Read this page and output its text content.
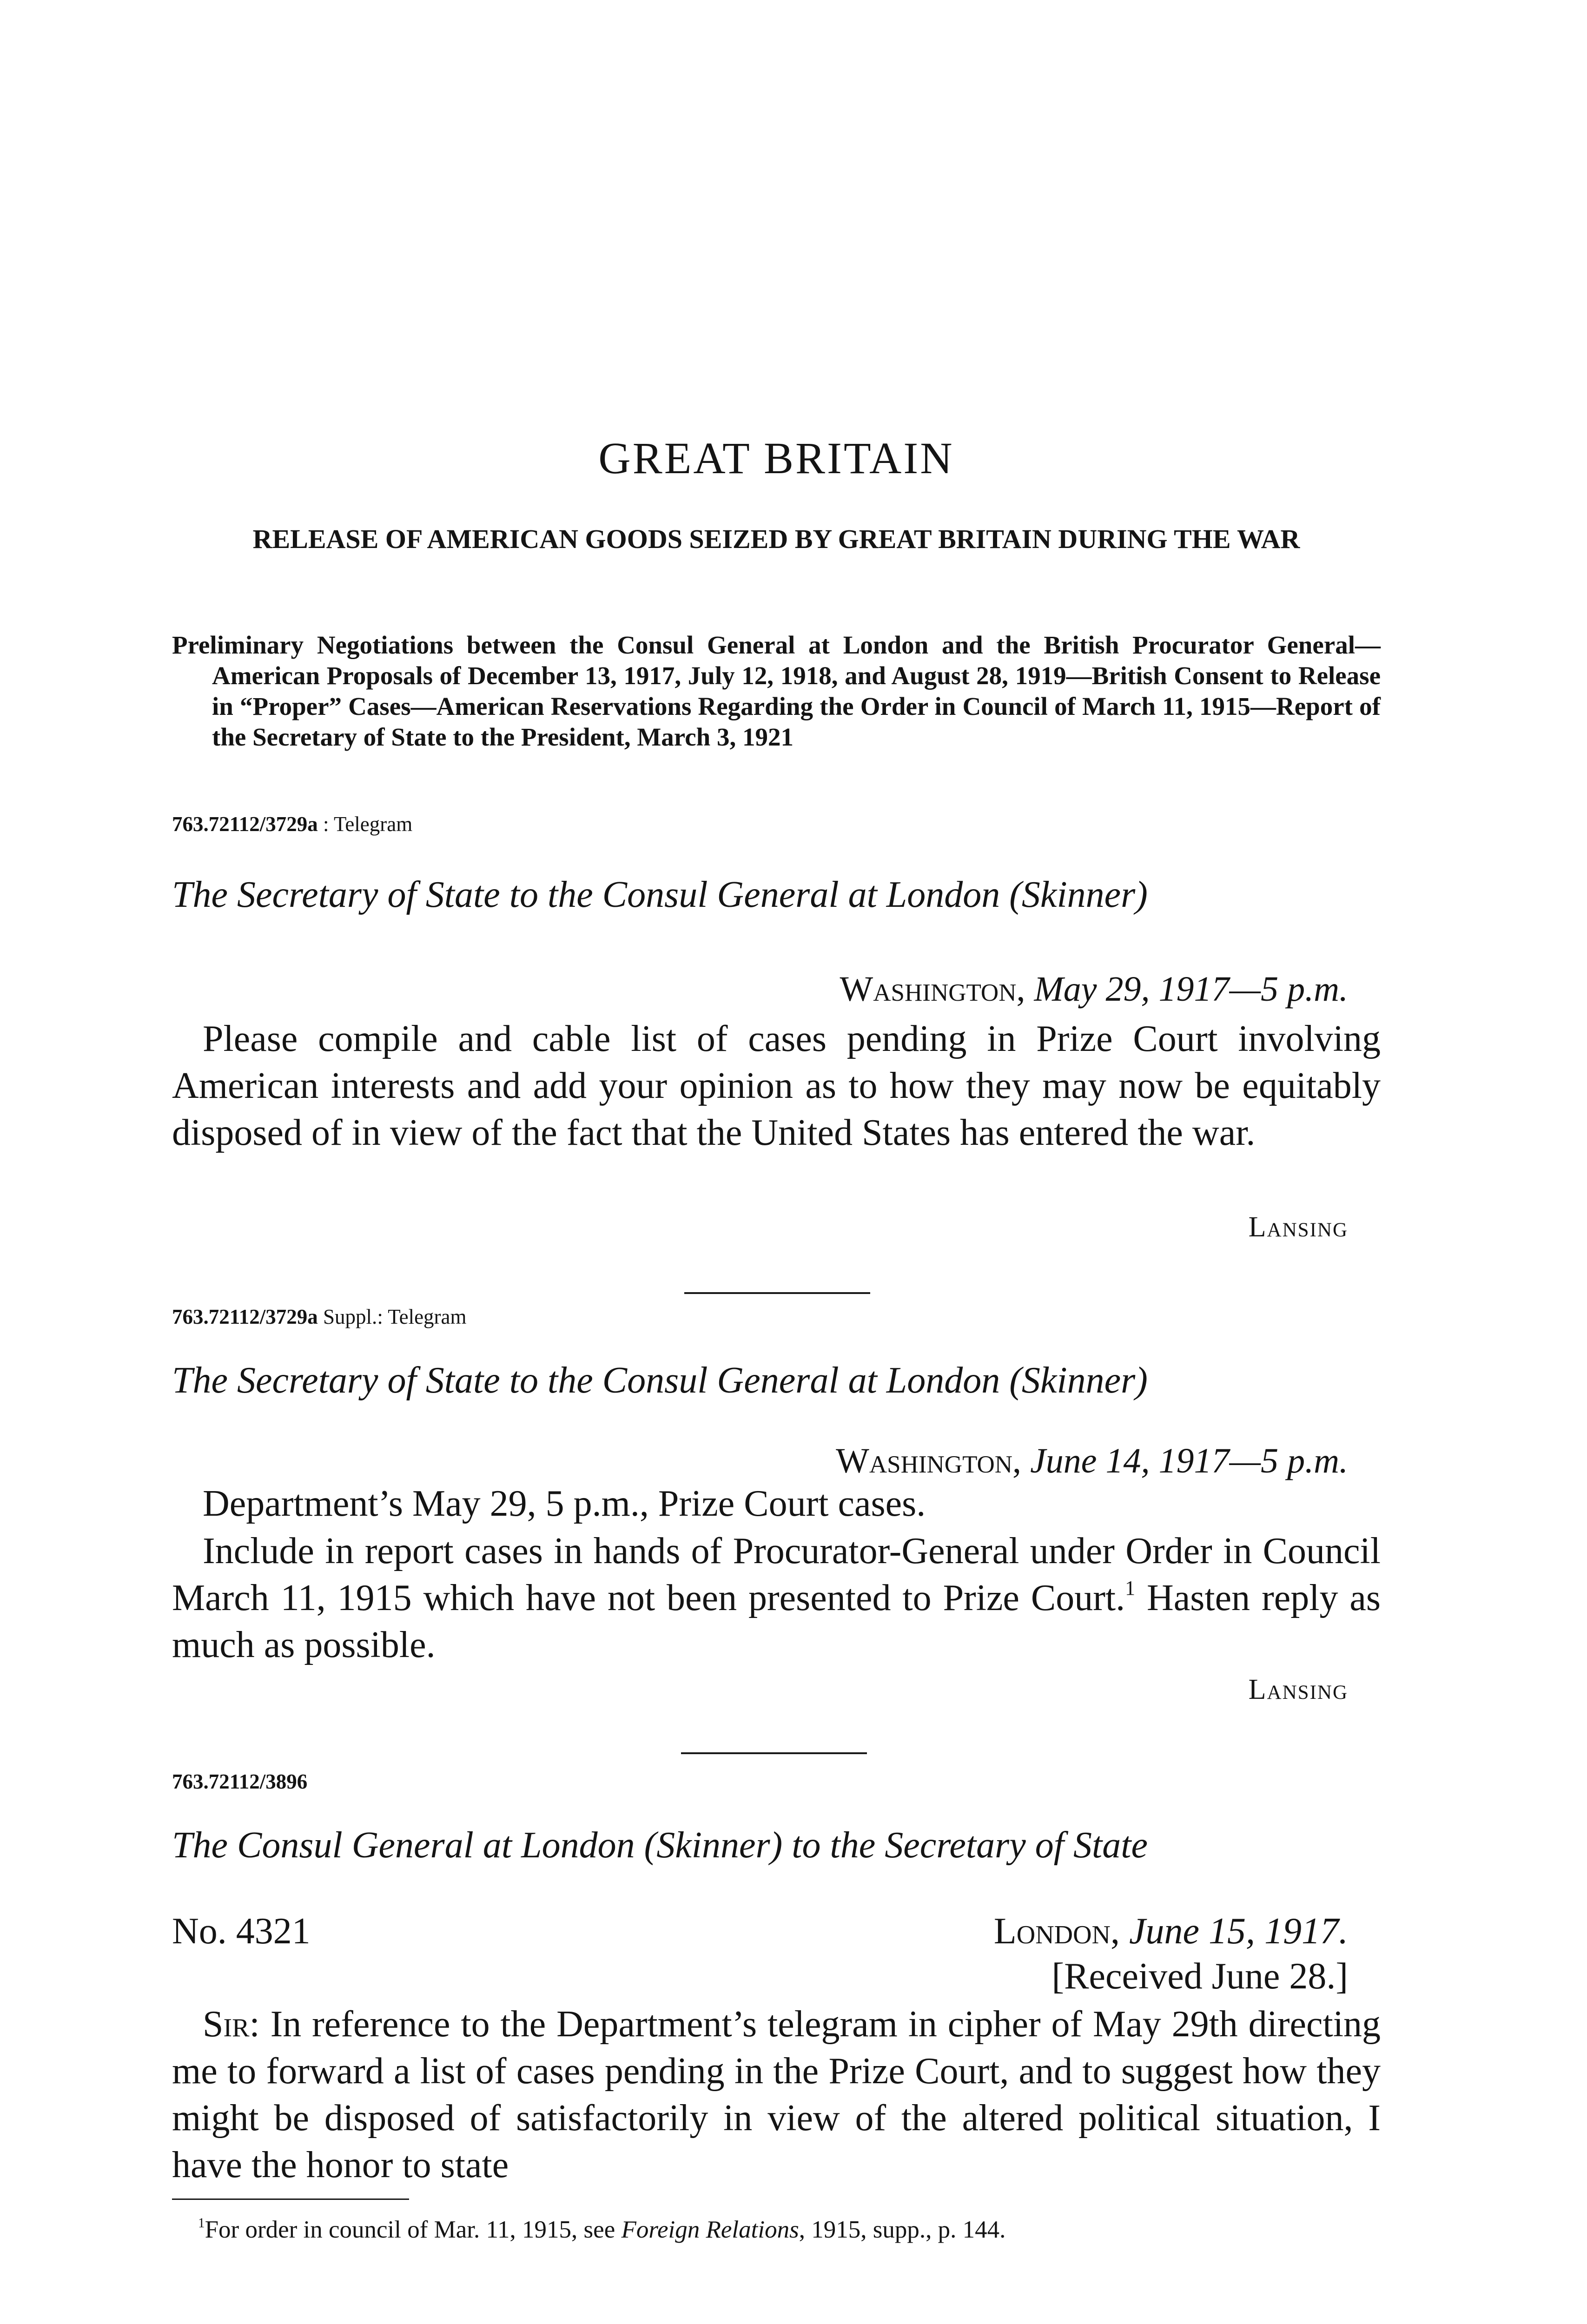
GREAT BRITAIN
RELEASE OF AMERICAN GOODS SEIZED BY GREAT BRITAIN DURING THE WAR
Preliminary Negotiations between the Consul General at London and the British Procurator General—American Proposals of December 13, 1917, July 12, 1918, and August 28, 1919—British Consent to Release in “Proper” Cases—American Reservations Regarding the Order in Council of March 11, 1915—Report of the Secretary of State to the President, March 3, 1921
763.72112/3729a : Telegram
The Secretary of State to the Consul General at London (Skinner)
Washington, May 29, 1917—5 p.m.
Please compile and cable list of cases pending in Prize Court involving American interests and add your opinion as to how they may now be equitably disposed of in view of the fact that the United States has entered the war.
Lansing
763.72112/3729a Suppl.: Telegram
The Secretary of State to the Consul General at London (Skinner)
Washington, June 14, 1917—5 p.m.
Department’s May 29, 5 p.m., Prize Court cases.
Include in report cases in hands of Procurator-General under Order in Council March 11, 1915 which have not been presented to Prize Court.$^1$ Hasten reply as much as possible.
Lansing
763.72112/3896
The Consul General at London (Skinner) to the Secretary of State
No. 4321	London, June 15, 1917.
[Received June 28.]
Sir: In reference to the Department’s telegram in cipher of May 29th directing me to forward a list of cases pending in the Prize Court, and to suggest how they might be disposed of satisfactorily in view of the altered political situation, I have the honor to state
$^1$For order in council of Mar. 11, 1915, see Foreign Relations, 1915, supp., p. 144.
